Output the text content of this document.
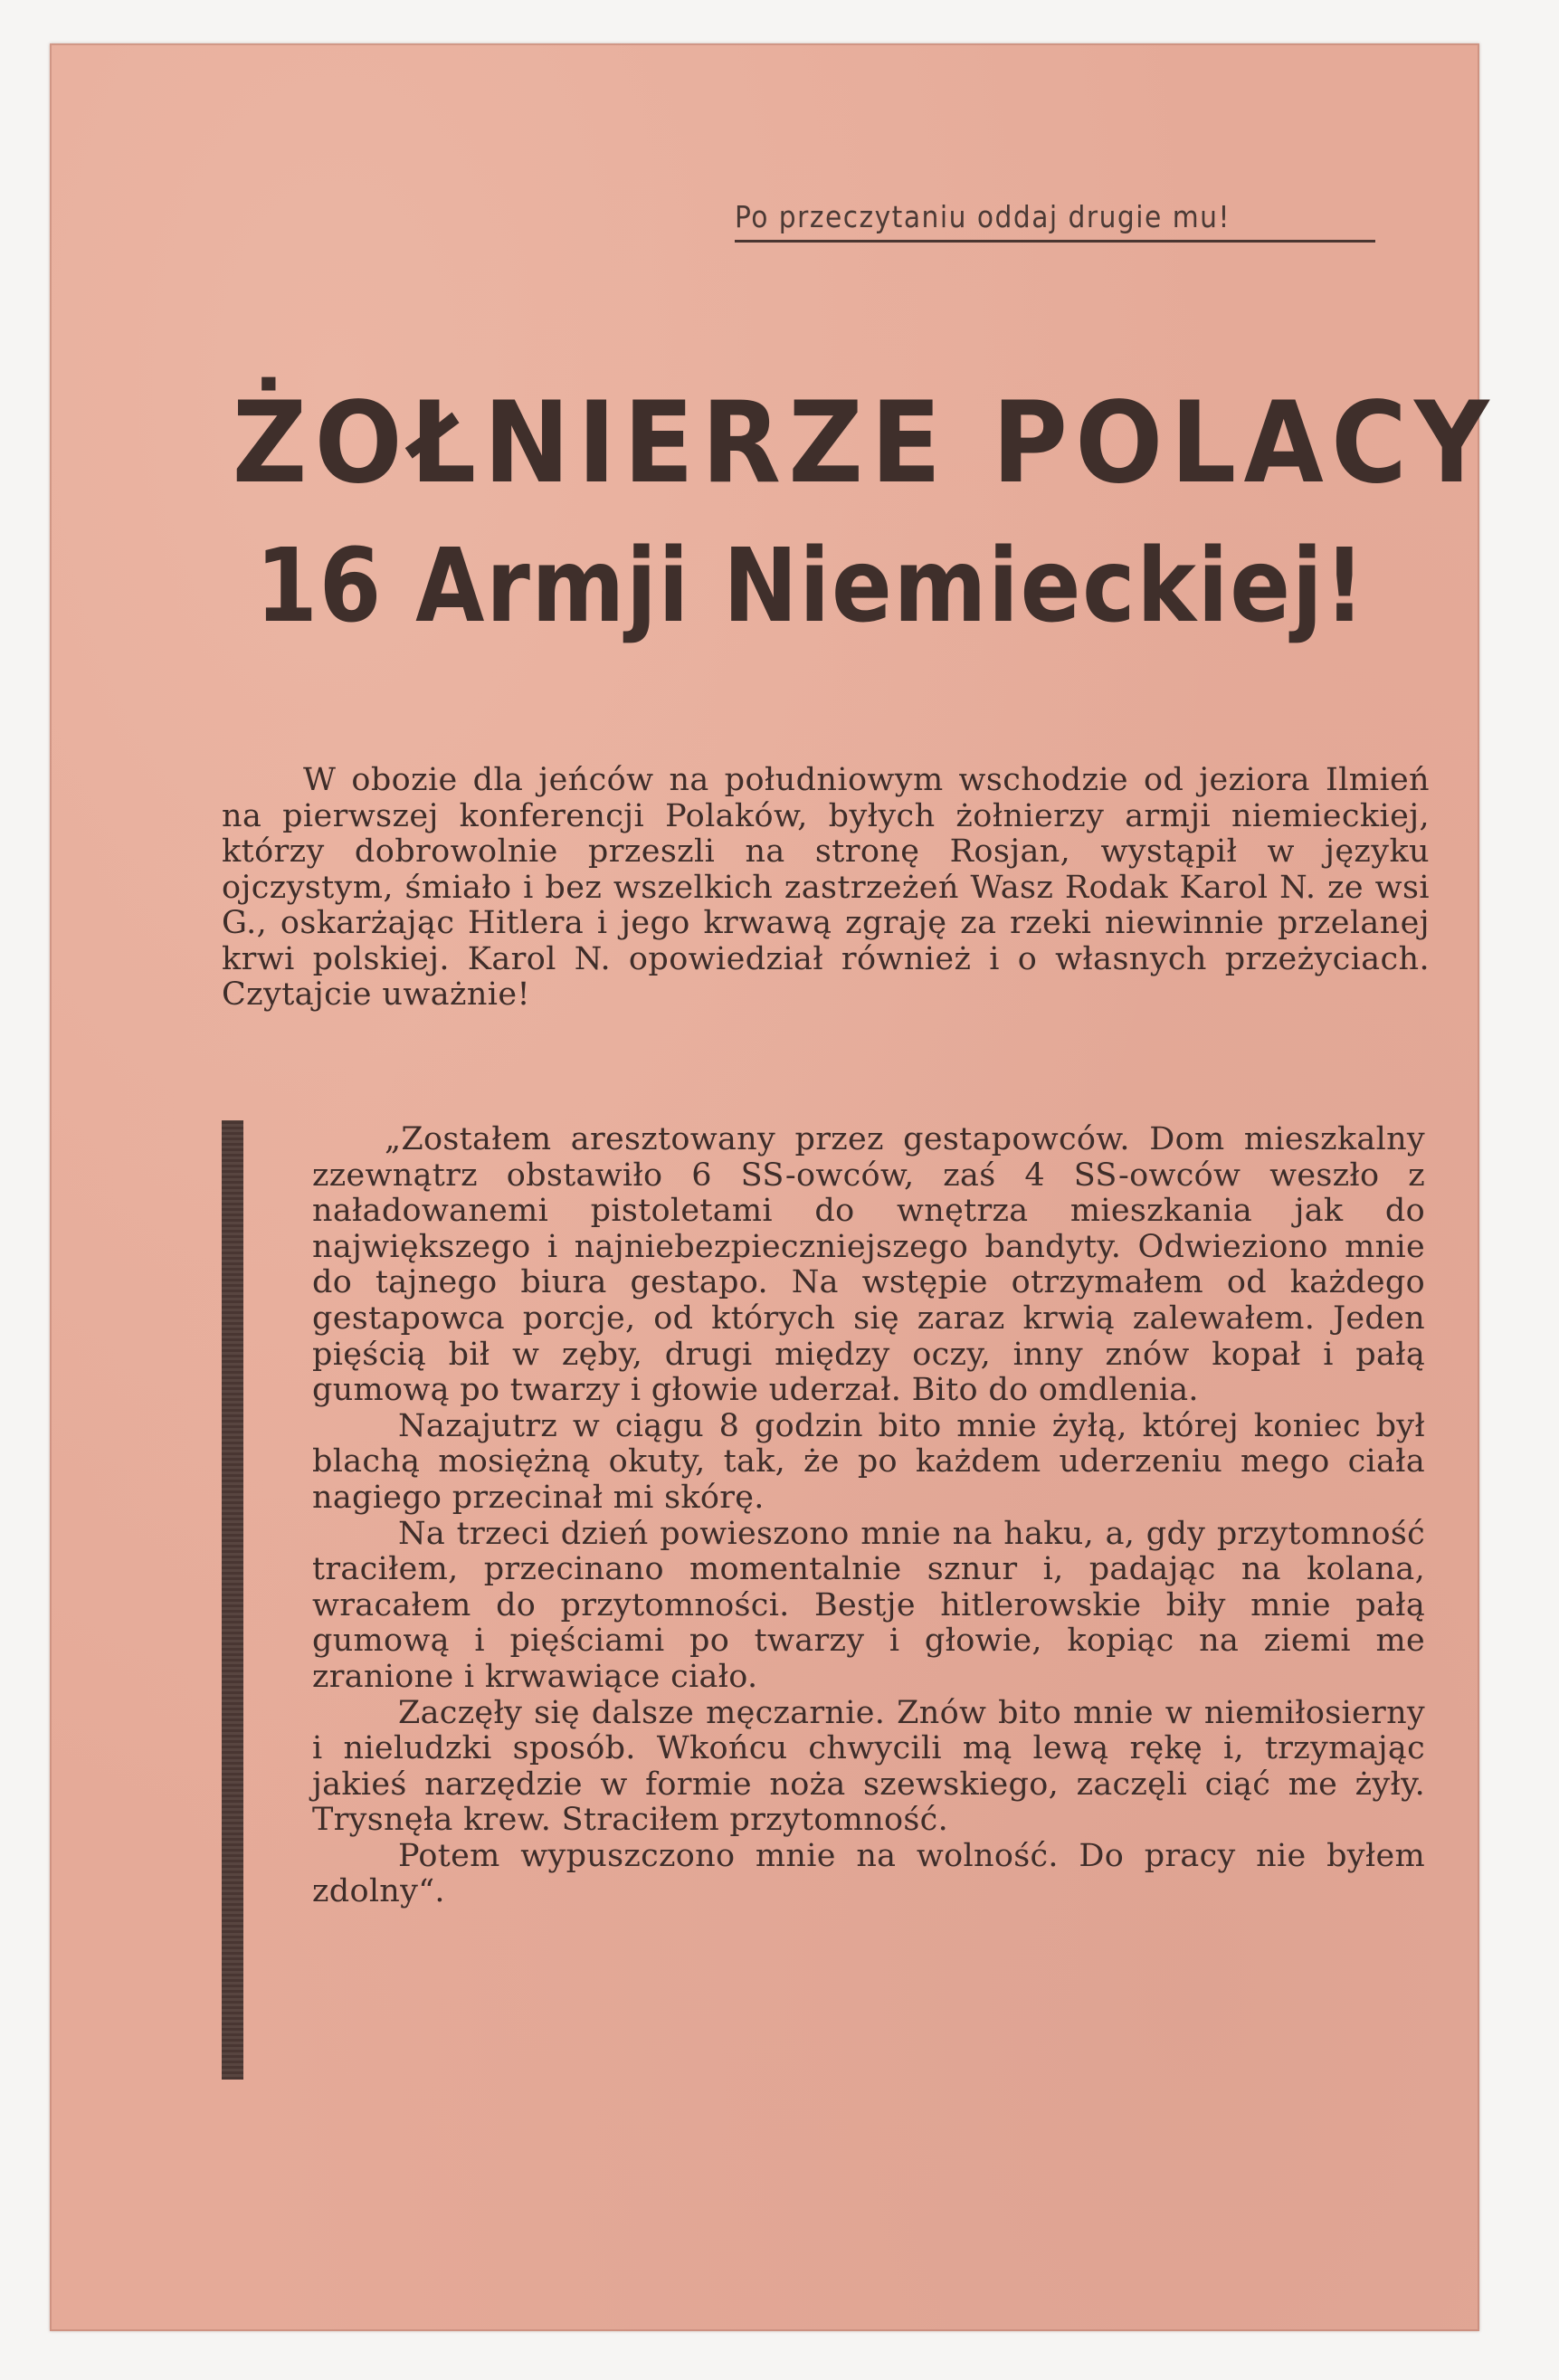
Po przeczytaniu oddaj drugie mu!
ŻOŁNIERZE POLACY
16 Armji Niemieckiej!

W obozie dla jeńców na południowym wschodzie od jeziora Ilmień na pierwszej konferencji Polaków, byłych żołnierzy armji niemieckiej, którzy dobrowolnie przeszli na stronę Rosjan, wystąpił w języku ojczystym, śmiało i bez wszelkich zastrzeżeń Wasz Rodak Karol N. ze wsi G., oskarżając Hitlera i jego krwawą zgraję za rzeki niewinnie przelanej krwi polskiej. Karol N. opowiedział również i o własnych przeżyciach. Czytajcie uważnie!

„Zostałem aresztowany przez gestapowców. Dom mieszkalny zzewnątrz obstawiło 6 SS-owców, zaś 4 SS-owców weszło z naładowanemi pistoletami do wnętrza mieszkania jak do największego i najniebezpieczniejszego bandyty. Odwieziono mnie do tajnego biura gestapo. Na wstępie otrzymałem od każdego gestapowca porcje, od których się zaraz krwią zalewałem. Jeden pięścią bił w zęby, drugi między oczy, inny znów kopał i pałą gumową po twarzy i głowie uderzał. Bito do omdlenia.

Nazajutrz w ciągu 8 godzin bito mnie żyłą, której koniec był blachą mosiężną okuty, tak, że po każdem uderzeniu mego ciała nagiego przecinał mi skórę.

Na trzeci dzień powieszono mnie na haku, a, gdy przytomność traciłem, przecinano momentalnie sznur i, padając na kolana, wracałem do przytomności. Bestje hitlerowskie biły mnie pałą gumową i pięściami po twarzy i głowie, kopiąc na ziemi me zranione i krwawiące ciało.

Zaczęły się dalsze męczarnie. Znów bito mnie w niemiłosierny i nieludzki sposób. Wkońcu chwycili mą lewą rękę i, trzymając jakieś narzędzie w formie noża szewskiego, zaczęli ciąć me żyły. Trysnęła krew. Straciłem przytomność.

Potem wypuszczono mnie na wolność. Do pracy nie byłem zdolny“.
